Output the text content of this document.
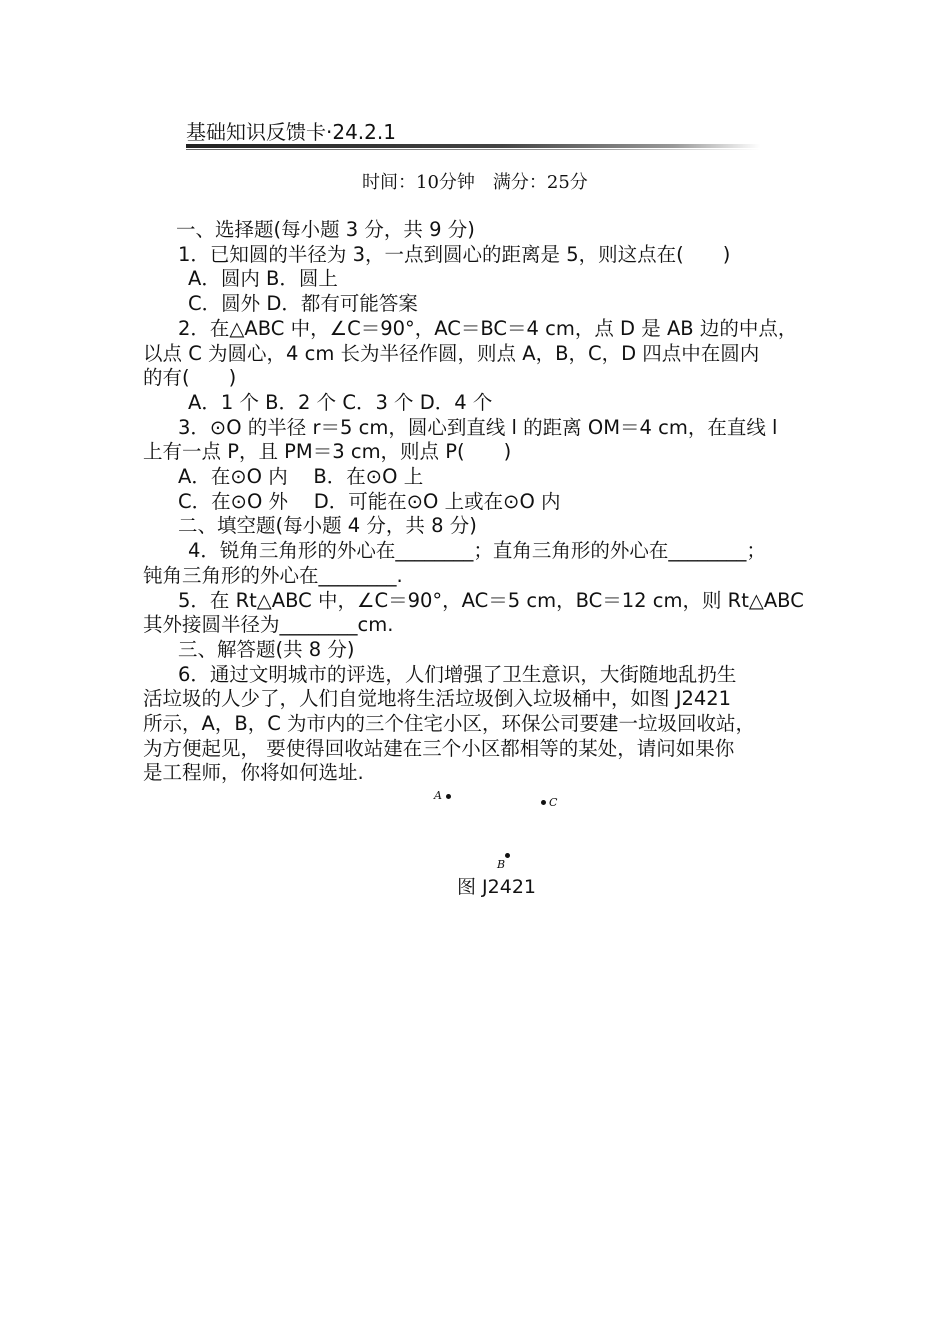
基础知识反馈卡·24.2.1
时间：10分钟 满分：25分
一、选择题(每小题 3 分，共 9 分)
1．已知圆的半径为 3，一点到圆心的距离是 5，则这点在(　　)
A．圆内 B．圆上
C．圆外 D．都有可能答案
2．在△ABC 中，∠C＝90°，AC＝BC＝4 cm，点 D 是 AB 边的中点，
以点 C 为圆心，4 cm 长为半径作圆，则点 A，B，C，D 四点中在圆内
的有(　　)
A．1 个 B．2 个 C．3 个 D．4 个
3．⊙O 的半径 r＝5 cm，圆心到直线 l 的距离 OM＝4 cm，在直线 l
上有一点 P，且 PM＝3 cm，则点 P(　　)
A．在⊙O 内　 B．在⊙O 上
C．在⊙O 外　 D．可能在⊙O 上或在⊙O 内
二、填空题(每小题 4 分，共 8 分)
4．锐角三角形的外心在________；直角三角形的外心在________；
钝角三角形的外心在________.
5．在 Rt△ABC 中，∠C＝90°，AC＝5 cm，BC＝12 cm，则 Rt△ABC
其外接圆半径为________cm.
三、解答题(共 8 分)
6．通过文明城市的评选，人们增强了卫生意识，大街随地乱扔生
活垃圾的人少了，人们自觉地将生活垃圾倒入垃圾桶中，如图 J2421
所示，A，B，C 为市内的三个住宅小区，环保公司要建一垃圾回收站，
为方便起见， 要使得回收站建在三个小区都相等的某处，请问如果你
是工程师，你将如何选址.
A
C
B
图 J2421
